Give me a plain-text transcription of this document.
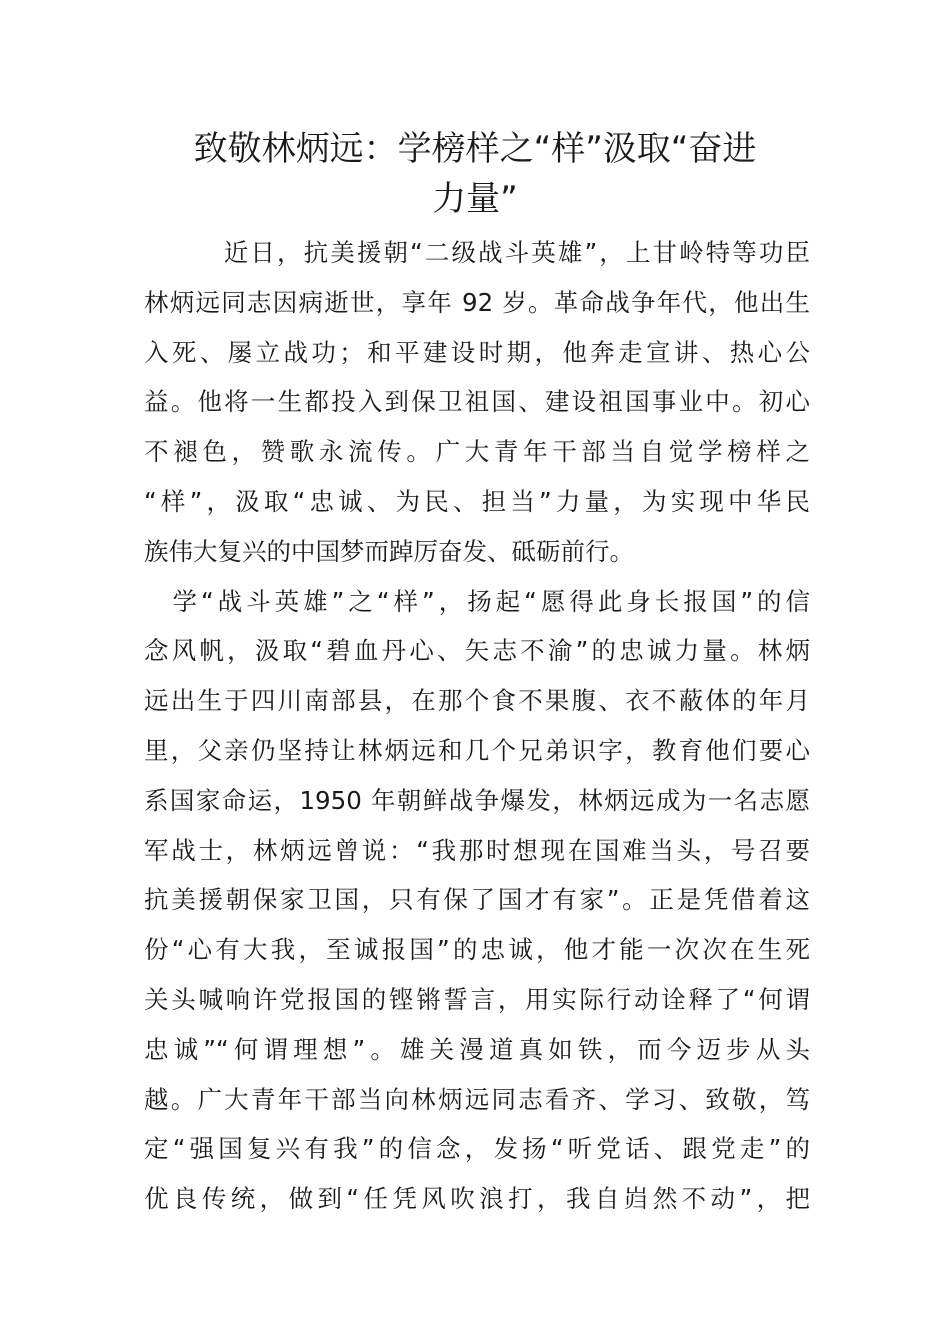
致敬林炳远：学榜样之“样”汲取“奋进
力量”
　　　近日，抗美援朝“二级战斗英雄”，上甘岭特等功臣
林炳远同志因病逝世，享年 92 岁。革命战争年代，他出生
入死、屡立战功；和平建设时期，他奔走宣讲、热心公
益。他将一生都投入到保卫祖国、建设祖国事业中。初心
不褪色，赞歌永流传。广大青年干部当自觉学榜样之
“样”，汲取“忠诚、为民、担当”力量，为实现中华民
族伟大复兴的中国梦而踔厉奋发、砥砺前行。
　学“战斗英雄”之“样”，扬起“愿得此身长报国”的信
念风帆，汲取“碧血丹心、矢志不渝”的忠诚力量。林炳
远出生于四川南部县，在那个食不果腹、衣不蔽体的年月
里，父亲仍坚持让林炳远和几个兄弟识字，教育他们要心
系国家命运，1950 年朝鲜战争爆发，林炳远成为一名志愿
军战士，林炳远曾说：“我那时想现在国难当头，号召要
抗美援朝保家卫国，只有保了国才有家”。正是凭借着这
份“心有大我，至诚报国”的忠诚，他才能一次次在生死
关头喊响许党报国的铿锵誓言，用实际行动诠释了“何谓
忠诚”“何谓理想”。雄关漫道真如铁，而今迈步从头
越。广大青年干部当向林炳远同志看齐、学习、致敬，笃
定“强国复兴有我”的信念，发扬“听党话、跟党走”的
优良传统，做到“任凭风吹浪打，我自岿然不动”，把
